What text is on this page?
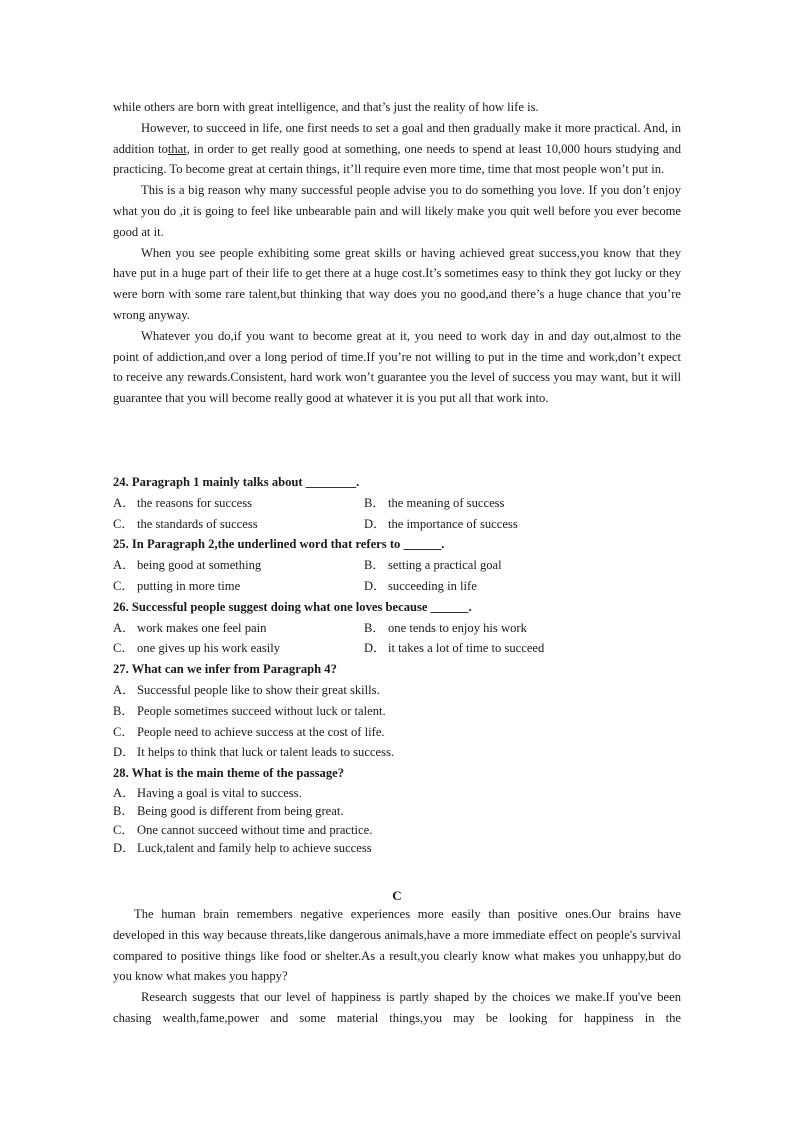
while others are born with great intelligence, and that’s just the reality of how life is.

However, to succeed in life, one first needs to set a goal and then gradually make it more practical. And, in addition tothat, in order to get really good at something, one needs to spend at least 10,000 hours studying and practicing. To become great at certain things, it’ll require even more time, time that most people won’t put in.

This is a big reason why many successful people advise you to do something you love. If you don’t enjoy what you do ,it is going to feel like unbearable pain and will likely make you quit well before you ever become good at it.

When you see people exhibiting some great skills or having achieved great success,you know that they have put in a huge part of their life to get there at a huge cost.It’s sometimes easy to think they got lucky or they were born with some rare talent,but thinking that way does you no good,and there’s a huge chance that you’re wrong anyway.

Whatever you do,if you want to become great at it, you need to work day in and day out,almost to the point of addiction,and over a long period of time.If you’re not willing to put in the time and work,don’t expect to receive any rewards.Consistent, hard work won’t guarantee you the level of success you may want, but it will guarantee that you will become really good at whatever it is you put all that work into.

24. Paragraph 1 mainly talks about ________.
A． the reasons for success	B． the meaning of success
C． the standards of success	D． the importance of success
25. In Paragraph 2,the underlined word that refers to ______.
A． being good at something	B． setting a practical goal
C． putting in more time	D． succeeding in life
26. Successful people suggest doing what one loves because ______.
A． work makes one feel pain	B． one tends to enjoy his work
C． one gives up his work easily	D． it takes a lot of time to succeed
27. What can we infer from Paragraph 4?
A． Successful people like to show their great skills.
B． People sometimes succeed without luck or talent.
C． People need to achieve success at the cost of life.
D． It helps to think that luck or talent leads to success.
28. What is the main theme of the passage?
A． Having a goal is vital to success.
B． Being good is different from being great.
C． One cannot succeed without time and practice.
D． Luck,talent and family help to achieve success
C

The human brain remembers negative experiences more easily than positive ones.Our brains have developed in this way because threats,like dangerous animals,have a more immediate effect on people's survival compared to positive things like food or shelter.As a result,you clearly know what makes you unhappy,but do you know what makes you happy?

Research suggests that our level of happiness is partly shaped by the choices we make.If you've been chasing wealth,fame,power and some material things,you may be looking for happiness in the
